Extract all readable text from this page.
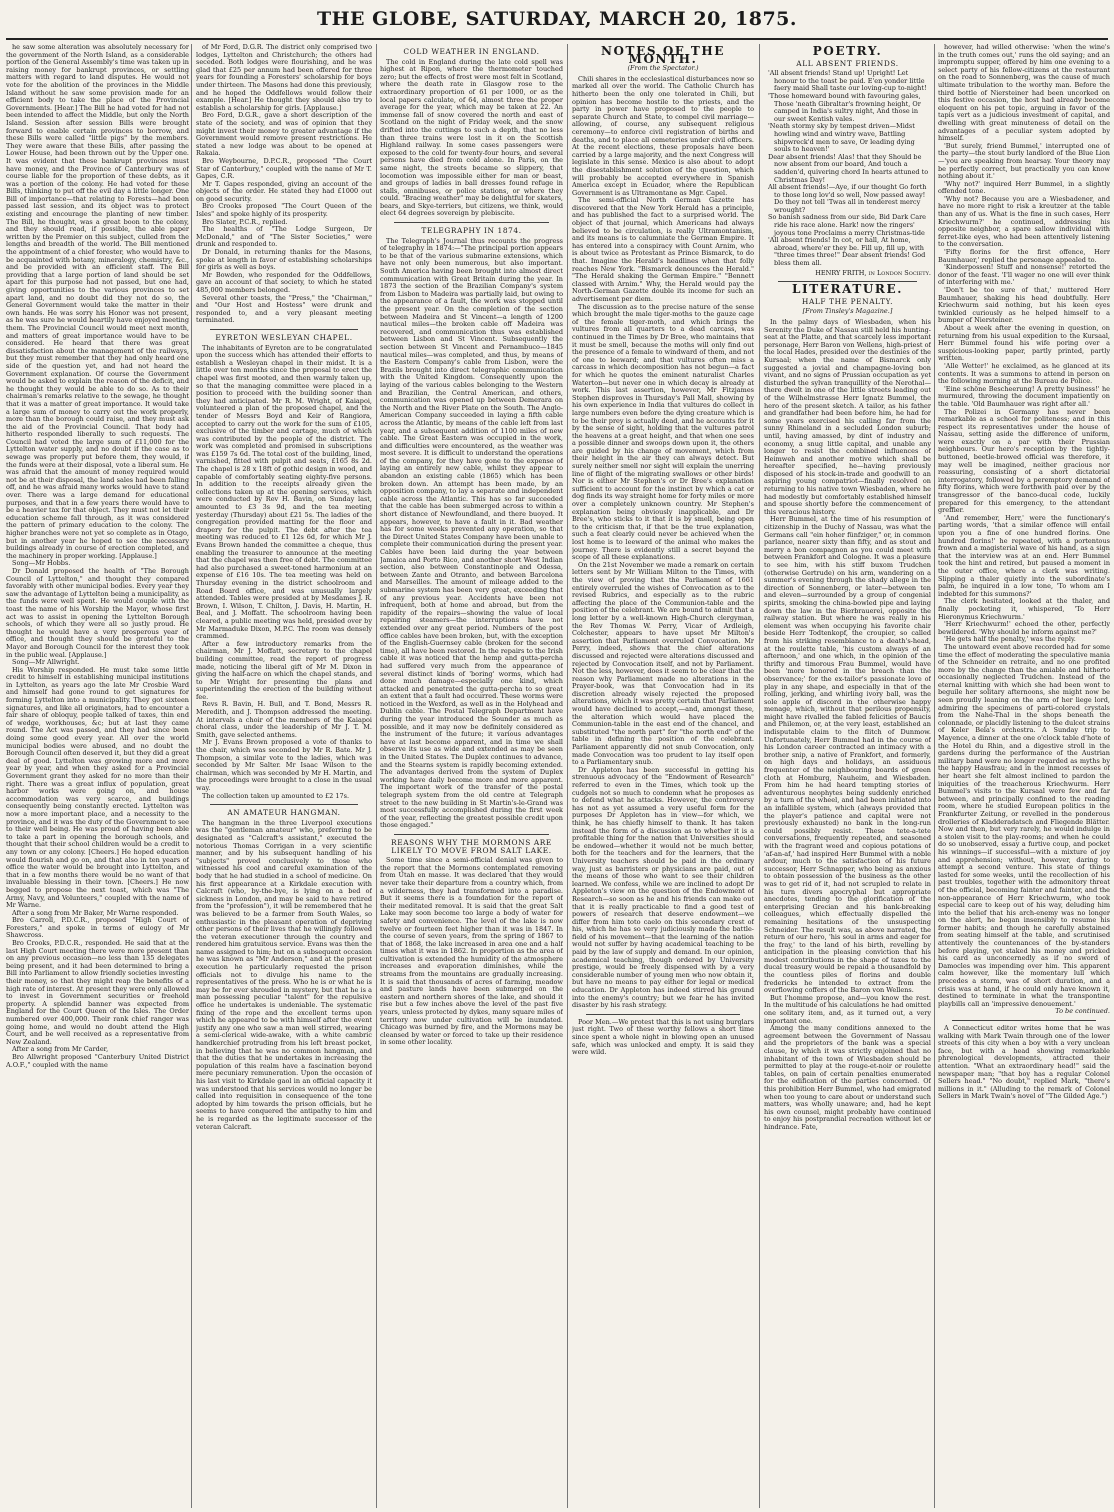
THE GLOBE, SATURDAY, MARCH 20, 1875.

he saw some alteration was absolutely necessary for the government of the North Island, as a considerable portion of the General Assembly's time was taken up in raising money for bankrupt provinces, or settling matters with regard to land disputes. He would not vote for the abolition of the provinces in the Middle Island without he saw some provision made for an efficient body to take the place of the Provincial Governments. [Hear.] The Bill he had voted for had not been intended to affect the Middle, but only the North Island. Session after session Bills were brought forward to enable certain provinces to borrow, and these Bills were called "little pigs" by the members. They were aware that these Bills, after passing the Lower House, had been thrown out by the Upper one. It was evident that these bankrupt provinces must have money, and the Province of Canterbury was of course liable for the proportion of these debts, as it was a portion of the colony. He had voted for these Bills, thinking to put off the evil day a little longer. One Bill of importance—that relating to Forests—had been passed last session, and its object was to protect existing and encourage the planting of new timber. The Bill, he thought, was a great boon to the colony, and they should read, if possible, the able paper written by the Premier on this subject, culled from the lengths and breadth of the world. The Bill mentioned the appointment of a chief forester, who would have to be acquainted with botany, mineralogy, chemistry, &c., and be provided with an efficient staff. The Bill providing that a large portion of land should be set apart for this purpose had not passed, but one had, giving opportunities to the various provinces to set apart land, and no doubt did they not do so, the General Government would take the matter in their own hands. He was sorry his Honor was not present, as he was sure he would heartily have enjoyed meeting them. The Provincial Council would meet next month, and matters of great importance would have to be considered. He heard that there was great dissatisfaction about the management of the railways, but they must remember that they had only heard one side of the question yet, and had not heard the Government explanation. Of course the Government would be asked to explain the reason of the deficit, and he thought they would be able to do so. As to their chairman's remarks relative to the sewage, he thought that it was a matter of great importance. It would take a large sum of money to carry out the work properly, more than the borough could raise, and they must ask the aid of the Provincial Council. That body had hitherto responded liberally to such requests. The Council had voted the large sum of £11,000 for the Lyttelton water supply, and no doubt if the case as to sewage was properly put before them, they would, if the funds were at their disposal, vote a liberal sum. He was afraid that the amount of money required would not be at their disposal, the land sales had been falling off, and he was afraid many works would have to stand over. There was a large demand for educational purposes, and that in a few years there would have to be a heavier tax for that object. They must not let their education scheme fall through, as it was considered the pattern of primary education to the colony. The higher branches were not yet so complete as in Otago, but in another year he hoped to see the necessary buildings already in course of erection completed, and the machinery in proper working. [Applause.]

Song—Mr Hobbs.

Dr Donald proposed the health of "The Borough Council of Lyttelton," and thought they compared favorably with other municipal bodies. Every year they saw the advantage of Lyttelton being a municipality, as the funds were well spent. He would couple with the toast the name of his Worship the Mayor, whose first act was to assist in opening the Lyttelton Borough schools, of which they were all so justly proud. He thought he would have a very prosperous year of office, and thought they should be grateful to the Mayor and Borough Council for the interest they took in the public weal. [Applause.]

Song—Mr Allwright.

His Worship responded. He must take some little credit to himself in establishing municipal institutions in Lyttelton, as years ago the late Mr Crosbie Ward and himself had gone round to get signatures for forming Lyttelton into a municipality. They got sixteen signatures, and like all originators, had to encounter a fair share of obloquy, people talked of taxes, thin end of wedge, workhouses, &c; but at last they came round. The Act was passed, and they had since been doing some good every year. All over the world municipal bodies were abused, and no doubt the Borough Council often deserved it, but they did a great deal of good. Lyttelton was growing more and more year by year, and when they asked for a Provincial Government grant they asked for no more than their right. There was a great influx of population, great harbor works were going on, and house accommodation was very scarce, and buildings consequently being constantly erected. Lyttelton was now a more important place, and a necessity to the province, and it was the duty of the Government to see to their well being. He was proud of having been able to take a part in opening the borough schools, and thought that their school children would be a credit to any town or any colony. [Cheers.] He hoped education would flourish and go on, and that also in ten years of office the water would be brought into Lyttelton, and that in a few months there would be no want of that invaluable blessing in their town. [Cheers.] He now begged to propose the next toast, which was "The Army, Navy, and Volunteers," coupled with the name of Mr Warne.

After a song from Mr Baker, Mr Warne responded.

Bro Carroll, P.D.C.R., proposed "High Court of Foresters," and spoke in terms of eulogy of Mr Shawcross.

Bro Crooks, P.D.C.R., responded. He said that at the last High Court meeting there were more present than on any previous occasion—no less than 135 delegates being present, and it had been determined to bring a Bill into Parliament to allow friendly societies investing their money, so that they might reap the benefits of a high rate of interest. At present they were only allowed to invest in Government securities or freehold property. A splendid banner was expected from England for the Court Queen of the Isles. The Order numbered over 400,000. Their rank chief ranger was going home, and would no doubt attend the High Court, and be well received as a representative from New Zealand.

After a song from Mr Carder,

Bro Allwright proposed "Canterbury United District A.O.F.," coupled with the name

of Mr Ford, D.G.R. The district only comprised two lodges, Lyttelton and Christchurch; the others had seceded. Both lodges were flourishing, and he was glad that £25 per annum had been offered for three years for founding a Foresters' scholarship for boys under thirteen. The Masons had done this previously, and he hoped the Oddfellows would follow their example. [Hear.] He thought they should also try to establish a scholarship for girls. [Applause.]

Bro Ford, D.G.R., gave a short description of the state of the society, and was of opinion that they might invest their money to greater advantage if the Government would remove present restrictions. He stated a new lodge was about to be opened at Rakaia.

Bro Weybourne, D.P.C.R., proposed "The Court Star of Canterbury," coupled with the name of Mr T. Gapes, C.R.

Mr T. Gapes responded, giving an account of the objects of the order. He stated they had £1000 out on good security.

Bro Crooks proposed "The Court Queen of the Isles" and spoke highly of its prosperity.

Bro Slater, P.C.R., replied.

The healths of "The Lodge Surgeon, Dr McDonald," and of "The Sister Societies," were drunk and responded to.

Dr Donald, in returning thanks for the Masons, spoke at length in favor of establishing scholarships for girls as well as boys.

Mr Bowden, who responded for the Oddfellows, gave an account of that society, to which he stated 485,000 members belonged.

Several other toasts, the "Press," the "Chairman," and "Our Host and Hostess" were drunk and responded to, and a very pleasant meeting terminated.

EYRETON WESLEYAN CHAPEL.

The inhabitants of Eyreton are to be congratulated upon the success which has attended their efforts to establish a Wesleyan chapel in their midst. It is a little over ten months since the proposal to erect the chapel was first mooted, and then warmly taken up, so that the managing committee were placed in a position to proceed with the building sooner than they had anticipated. Mr R. M. Wright, of Kaiapoi, volunteered a plan of the proposed chapel, and the tender of Messrs Boyd and Keir of Rangiora, accepted to carry out the work for the sum of £105, exclusive of the timber and cartage, much of which was contributed by the people of the district. The work was completed and promised in subscriptions was £159 7s 6d. The total cost of the building, lined, varnished, fitted with pulpit and seats, £165 8s 2d. The chapel is 28 x 18ft of gothic design in wood, and capable of comfortably seating eighty-five persons. In addition to the receipts already given the collections taken up at the opening services, which were conducted by Rev H. Bavin, on Sunday last, amounted to £3 3s 9d, and the tea meeting yesterday (Thursday) about £21 5s. The ladies of the congregation provided matting for the floor and drapery for the pulpit. The debt after the tea meeting was reduced to £1 12s 6d, for which Mr J. Evans Brown handed the committee a cheque, thus enabling the treasurer to announce at the meeting that the chapel was then free of debt. The committee had also purchased a sweet-toned harmonium at an expense of £16 10s. The tea meeting was held on Thursday evening in the district schoolroom and Road Board office, and was unusually largely attended. Tables were presided at by Mesdames J. R. Brown, I. Wilson, T. Chilton, J. Davis, H. Martin, H. Beal, and J. Moffatt. The schoolroom having been cleared, a public meeting was held, presided over by Mr Marmaduke Dixon, M.P.C. The room was densely crammed.

After a few introductory remarks from the chairman, Mr J. Moffatt, secretary to the chapel building committee, read the report of progress made, noticing the liberal gift of Mr M. Dixon in giving the half-acre on which the chapel stands, and to Mr Wright for presenting the plans and superintending the erection of the building without fee.

Revs R. Bavin, H. Bull, and T. Bond, Messrs R. Meredith, and J. Thompson addressed the meeting. At intervals a choir of the members of the Kaiapoi choral class, under the leadership of Mr J. T. M. Smith, gave selected anthems.

Mr J. Evans Brown proposed a vote of thanks to the chair, which was seconded by Mr R. Bate. Mr J. Thompson, a similar vote to the ladies, which was seconded by Mr Salter. Mr Isaac Wilson to the chairman, which was seconded by Mr H. Martin, and the proceedings were brought to a close in the usual way.

The collection taken up amounted to £2 17s.

AN AMATEUR HANGMAN.

The hangman in the three Liverpool executions was the "gentleman amateur" who, preferring to be designated as "Calcraft's assistant," executed the notorious Thomas Corrigan in a very scientific manner, and by his subsequent handling of his "subjects" proved conclusively to those who witnessed his cool and careful examination of the body that he had studied in a school of medicine. On his first appearance at a Kirkdale execution with Calcraft (who, by-the-bye, is lying on a bed of sickness in London, and may be said to have retired from the "profession"), it will be remembered that he was believed to be a farmer from South Wales, so enthusiastic in the pleasant operation of depriving other persons of their lives that he willingly followed the veteran executioner through the country and rendered him gratuitous service. Evans was then the name assigned to him; but on a subsequent occasion he was known as "Mr Anderson," and at the present execution he particularly requested the prison officials not to divulge his name to the representatives of the press. Who he is or what he is may be for ever shrouded in mystery, but that he is a man possessing peculiar "talent" for the repulsive office he undertakes is undeniable. The systematic fixing of the rope and the excellent terms upon which he appeared to be with himself after the event justify any one who saw a man well stirred, wearing a semi-clerical wide-awake, with a white cambric handkerchief protruding from his left breast pocket, in believing that he was no common hangman, and that the duties that he undertakes in increasing the population of this realm have a fascination beyond mere pecuniary remuneration. Upon the occasion of his last visit to Kirkdale gaol in an official capacity it was understood that his services would no longer be called into requisition in consequence of the tone adopted by him towards the prison officials, but he seems to have conquered the antipathy to him and he is regarded as the legitimate successor of the veteran Calcraft.

COLD WEATHER IN ENGLAND.

The cold in England during the late cold spell was highest at Ripon, where the thermometer touched zero; but the effects of frost were most felt in Scotland, where the death rate in Glasgow rose to the extraordinary proportion of 61 per 1000, or as the local papers calculate, of 64, almost three the proper average for the year, which may be taken at 22. An immense fall of snow covered the north and east of Scotland on the night of Friday week, and the snow drifted into the cuttings to such a depth, that no less than three trains were lost in it on the Scottish Highland railway. In some cases passengers were exposed to the cold for twenty-four hours, and several persons have died from cold alone. In Paris, on the same night, the streets became so slippery, that locomotion was impossible either for man or beast, and groups of ladies in ball dresses found refuge in stalls, omnibuses, or police stations, or where they could. "Bracing weather" may be delightful for skaters, bears, and Skye-terriers, but citizens, we think, would elect 64 degrees sovereign by plebiscite.

TELEGRAPHY IN 1874.

The Telegraph's Journal thus recounts the progress of telegraphy in 1874:—"The principal portion appears to be that of the various submarine extensions, which have not only been numerous, but also important. South America having been brought into almost direct communication with Great Britain during the year. In 1873 the section of the Brazilian Company's system from Lisbon to Madeira was partially laid, but owing to the appearance of a fault, the work was stopped until the present year. On the completion of the section between Madeira and St Vincent—a length of 1200 nautical miles—the broken cable off Madeira was recovered, and communication thus was established between Lisbon and St Vincent. Subsequently the section between St Vincent and Pernambuco—1845 nautical miles—was completed, and thus, by means of the Eastern Company's cable from Lisbon, were the Brazils brought into direct telegraphic communication with the United Kingdom. Consequently upon the laying of the various cables belonging to the Western and Brazilian, the Central American, and others, communication was opened up between Demerara on the North and the River Plate on the South. The Anglo-American Company succeeded in laying a fifth cable across the Atlantic, by means of the cable left from last year, and a subsequent addition of 1100 miles of new cable. The Great Eastern was occupied in the work, and difficulties were encountered, as the weather was most severe. It is difficult to understand the operations of the company, for they have gone to the expense of laying an entirely new cable, whilst they appear to abandon an existing cable (1865) which has been broken down. An attempt has been made, by an opposition company, to lay a separate and independent cable across the Atlantic. This has so far succeeded that the cable has been submerged across to within a short distance of Newfoundland, and there buoyed. It appears, however, to have a fault in it. Bad weather has for some weeks prevented any operation, so that the Direct United States Company have been unable to complete their communication during the present year. Cables have been laid during the year between Jamaica and Porto Rico, and another short West Indian section, also between Constantinople and Odessa, between Zante and Otranto, and between Barcelona and Marseilles. The amount of mileage added to the submarine system has been very great, exceeding that of any previous year. Accidents have been not infrequent, both at home and abroad, but from the rapidity of the repairs—showing the value of local repairing steamers—the interruptions have not extended over any great period. Numbers of the post office cables have been broken, but, with the exception of the English-Guernsey cable (broken for the second time), all have been restored. In the repairs to the Irish cable it was noticed that the hemp and gutta-percha had suffered very much from the appearance of several distinct kinds of 'boring' worms, which had done much damage—especially one kind, which attacked and penetrated the gutta-percha to so great an extent that a fault had occurred. These worms were noticed in the Wexford, as well as in the Holyhead and Dublin cable. The Postal Telegraph Department have during the year introduced the Sounder as much as possible, and it may now be definitely considered as the instrument of the future; it various advantages have at last become apparent, and in time we shall observe its use as wide and extended as may be seen in the United States. The Duplex continues to advance, and the Stearns system is rapidly becoming extended. The advantages derived from the system of Duplex working have daily become more and more apparent. The important work of the transfer of the postal telegraph system from the old centre at Telegraph street to the new building in St Martin's-le-Grand was most successfully accomplished during the first week of the year, reflecting the greatest possible credit upon those engaged."

REASONS WHY THE MORMONS ARE LIKELY TO MOVE FROM SALT LAKE.

Some time since a semi-official denial was given to the report that the Mormons contemplated removing from Utah en masse. It was declared that they would never take their departure from a country which, from a wilderness, they had transformed into a paradise. But it seems there is a foundation for the report of their meditated removal. It is said that the great Salt Lake may soon become too large a body of water for safety and convenience. The level of the lake is now twelve or fourteen feet higher than it was in 1847. In the course of seven years, from the spring of 1867 to that of 1868, the lake increased in area one and a half times what it was in 1862. In proportion as the area of cultivation is extended the humidity of the atmosphere increases and evaporation diminishes, while the streams from the mountains are gradually increasing. It is said that thousands of acres of farming, meadow and pasture lands have been submerged on the eastern and northern shores of the lake, and should it rise but a few inches above the level of the past five years, unless protected by dykes, many square miles of territory now under cultivation will be inundated. Chicago was burned by fire, and the Mormons may be cleansed by water or forced to take up their residence in some other locality.

NOTES OF THE MONTH.
(From the Spectator.)

Chili shares in the ecclesiastical disturbances now so marked all over the world. The Catholic Church has hitherto been the only one tolerated in Chili, but opinion has become hostile to the priests, and the party in power have proposed to the people to separate Church and State, to compel civil marriage—allowing, of course, any subsequent religious ceremony—to enforce civil registration of births and deaths, and to place all cemeteries under civil officers. At the recent elections, these proposals have been carried by a large majority, and the next Congress will legislate in this sense. Mexico is also about to adopt the disestablishment solution of the question, which will probably be accepted everywhere in Spanish America except in Ecuador, where the Republican Government is as Ultramontane as Mgr. Capel.

The semi-official North German Gazette has discovered that the New York Herald has a principle, and has published the fact to a surprised world. The object of that journal, which Americans had always believed to be circulation, is really Ultramontanism, and its means is to calumniate the German Empire. It has entered into a conspiracy with Count Arnim, who is about twice as Protestant as Prince Bismarck, to do that. Imagine the Herald's headlines when that folly reaches New York. "Bismarck denounces the Herald." "The Herald shaking the German Empire." "Bennett classed with Arnim." Why, the Herald would pay the North-German Gazette double its income for such an advertisement per diem.

The discussion as to the precise nature of the sense which brought the male tiger-moths to the gauze cage of the female tiger-moth, and which brings the vultures from all quarters to a dead carcass, was continued in the Times by Dr Bree, who maintains that it must be smell, because the moths will only find out the presence of a female to windward of them, and not of one to leeward; and that vultures often miss a carcass in which decomposition has not begun—a fact for which he quotes the eminent naturalist Charles Waterton—but never one in which decay is already at work. This last assertion, however, Mr Fitzjames Stephen disproves in Thursday's Pall Mall, showing by his own experience in India that vultures do collect in large numbers even before the dying creature which is to be their prey is actually dead, and he accounts for it by the sense of sight, holding that the vultures patrol the heavens at a great height, and that when one sees a possible dinner and swoops down upon it, the others are guided by his change of movement, which from their height in the air they can always detect. But surely neither smell nor sight will explain the unerring line of flight of the migrating swallows or other birds! Nor is either Mr Stephen's or Dr Bree's explanation sufficient to account for the instinct by which a cat or dog finds its way straight home for forty miles or more over a completely unknown country. Mr Stephen's explanation being obviously inapplicable, and Dr Bree's, who sticks to it that it is by smell, being open to the criticism that, if that be the true explanation, such a feat clearly could never be achieved when the lost home is to leeward of the animal who makes the journey. There is evidently still a secret beyond the scope of all these explanations.

On the 21st November we made a remark on certain letters sent by Mr William Milton to the Times, with the view of proving that the Parliament of 1661 entirely overruled the wishes of Convocation as to the revised Rubrics, and especially as to the rubric affecting the place of the Communion-table and the position of the celebrant. We are bound to admit that a long letter by a well-known High-Church clergyman, the Rev Thomas W. Perry, Vicar of Ardleigh, Colchester, appears to have upset Mr Milton's assertion that Parliament overruled Convocation. Mr Perry, indeed, shows that the chief alterations discussed and rejected were alterations discussed and rejected by Convocation itself, and not by Parliament. Not the less, however, does it seem to be clear that the reason why Parliament made no alterations in the Prayer-book, was that Convocation had in its discretion already wisely rejected the proposed alterations, which it was pretty certain that Parliament would have declined to accept,—and, amongst these, the alteration which would have placed the Communion-table in the east end of the chancel, and substituted "the north part" for "the north end" of the table in defining the position of the celebrant. Parliament apparently did not snub Convocation, only made Convocation was too prudent to lay itself open to a Parliamentary snub.

Dr Appleton has been successful in getting his strenuous advocacy of the "Endowment of Research" referred to even in the Times, which took up the cudgels not so much to condemn what he proposes as to defend what he attacks. However, the controversy has not as yet assumed a very useful form for the purposes Dr Appleton has in view—for which, we think, he has chiefly himself to thank. It has taken instead the form of a discussion as to whether it is a profitable thing for the nation that Universities should be endowed—whether it would not be much better, both for the teachers and for the learners, that the University teachers should be paid in the ordinary way, just as barristers or physicians are paid, out of the means of those who want to see their children learned. We confess, while we are inclined to adopt Dr Appleton's view on the question of the Endowment of Research—so soon as he and his friends can make out that it is really practicable to find a good test of powers of research that deserve endowment—we differ from him toto caelo on this secondary crest of his, which he has so very judiciously made the battle-field of his movement—that the learning of the nation would not suffer by having academical teaching to be paid by the law of supply and demand. In our opinion, academical teaching, though ordered by University prestige, would be freely dispensed with by a very considerable number of young men who now obtain it, but have no means to pay either for legal or medical education. Dr Appleton has indeed stirred his ground into the enemy's country; but we fear he has invited disaster by his rash strategy.

Poor Men.—We protest that this is not using burglars just right. Two of these worthy fellows a short time since spent a whole night in blowing open an unused safe, which was unlocked and empty. It is said they were wild.

POETRY.
ALL ABSENT FRIENDS.

'All absent friends! Stand up! Upright! Let honour to the toast be paid. E'en yonder little faery maid Shall taste our loving-cup to-night!

'Those homeward bound with favouring gales, Those 'neath Gibraltar's frowning height, Or camped in India's sultry night, And those in our sweet Kentish vales.

'Neath stormy sky by tempest driven—Midst howling wind and wintry wave, Battling shipwreck'd men to save, Or leading dying souls to heaven!'

Dear absent friends! Alas! that they Should be now absent from our board, And touch a sadden'd, quivering chord In hearts attuned to Christmas Day!

All absent friends!—Aye, if our thought Go forth to those long lov'd so well, Now passed away! Do they not tell 'Twas all in tenderest mercy wrought?

So banish sadness from our side, Bid Dark Care ride his race alone. Hark! now the ringers' joyous tone Proclaims a merry Christmas-tide

'All absent friends! In cot, or hall, At home, abroad, where'er they be. Fill up, fill up, with "three times three!" Dear absent friends! God bless them all.

HENRY FRITH, in London Society.
LITERATURE.
HALF THE PENALTY.
[From Tinsley's Magazine.]

In the palmy days of Wiesbaden, when his Serenity the Duke of Nassau still held his hunting-seat at the Platte, and that scarcely less important personage, Herr Baron von Wellens, high-priest of the local Hades, presided over the destinies of the Kursaal; when the name of Bismarck only suggested a jovial and champagne-loving bon vivant, and no signs of Prussian occupation as yet disturbed the sylvan tranquillity of the Nerothal—there dwelt in one of the little streets leading out of the Wilhelmstrasse Herr Ignatz Bummel, the hero of the present sketch. A tailor, as his father and grandfather had been before him, he had for some years exercised his calling far from the sunny Rhineland in a secluded London suburb; until, having amassed, by dint of industry and economy, a snug little capital, and unable any longer to resist the combined influences of Heimweh and another motive which shall be hereafter specified, he—having previously disposed of his stock-in-trade and goodwill to an aspiring young compatriot—finally resolved on returning to his native town Wiesbaden, where he had modestly but comfortably established himself and spouse shortly before the commencement of this veracious history.

Herr Bummel, at the time of his resumption of citizenship in the Duchy of Nassau, was what the Germans call "ein hoher fünfziger," or, in common parlance, nearer sixty than fifty, and as stout and merry a bon compagnon as you could meet with between Frankfort and Cologne. It was a pleasure to see him, with his stiff buxom Trudchen (otherwise Gertrude) on his arm, wandering on a summer's evening through the shady allege in the direction of Sonnenberg, or later—between ten and eleven—surrounded by a group of congenial spirits, smoking the china-bowled pipe and laying down the law in the Bierbrauerei, opposite the railway station. But where he was really in his element was when occupying his favorite chair beside Herr Todtenkopf, the croupier, so called from his striking resemblance to a death's-head, at the roulette table, 'his custom always of an afternoon,' and one which, in the opinion of the thrifty and timorous Frau Bummel, would have been 'more honored in the breach than the observance;' for the ex-tailor's passionate love of play in any shape, and especially in that of the rolling, jerking, and whirling ivory ball, was the sole apple of discord in the otherwise happy menage, which, without that perilous propensity, might have rivalled the fabled felicities of Baucis and Philemon, or, at the very least, established an indisputable claim to the flitch of Dunmow. Unfortunately, Herr Bummel had in the course of his London career contracted an intimacy with a brother snip, a native of Frankfort, and formerly, on high days and holidays, an assiduous frequenter of the neighbouring boards of green cloth at Homburg, Nauheim, and Wiesbaden. From him he had heard tempting stories of adventurous neophytes being suddenly enriched by a turn of the wheel, and had been initiated into an infallible system, which (always provided that the player's patience and capital were not previously exhausted) no bank in the long-run could possibly resist. These tete-a-tete conversations, frequently repeated, and seasoned with the fragrant weed and copious potations of 'af-an-af,' had inspired Herr Bummel with a noble ardour, much to the satisfaction of his future successor, Herr Schnapper, who being as anxious to obtain possession of the business as the other was to get rid of it, had not scrupled to relate in his turn divers apocryphal but appropriate anecdotes, tending to the glorification of the enterprising Grecian and his bank-breaking colleagues, which effectually dispelled the remaining hesitations of the unsuspecting Schneider. The result was, as above narrated, the return of our hero, 'his soul in arms and eager for the fray,' to the land of his birth, revelling by anticipation in the pleasing conviction that his modest contributions in the shape of taxes to the ducal treasury would be repaid a thousandfold by the countless piles of florins and double fredericks he intended to extract from the overflowing coffers of the Baron von Wellens.

But l'homme propose, and—you know the rest. In the multitude of his calculations he had omitted one solitary item, and, as it turned out, a very important one.

Among the many conditions annexed to the agreement between the Government of Nassau and the proprietors of the bank was a special clause, by which it was strictly enjoined that no inhabitant of the town of Wiesbaden should be permitted to play at the rouge-et-noir or roulette tables, on pain of certain penalties enumerated for the edification of the parties concerned. Of this prohibition Herr Bummel, who had emigrated when too young to care about or understand such matters, was wholly unaware; and, had he kept his own counsel, might probably have continued to enjoy his postprandial recreation without let or hindrance. Fate,

however, had willed otherwise: 'when the wine's in the truth comes out,' runs the old saying; and an impromptu supper, offered by him one evening to a select party of his fellow-citizens at the restaurant on the road to Sonnenberg, was the cause of much ultimate tribulation to the worthy man. Before the third bottle of Niersteiner had been uncorked on this festive occasion, the host had already become eloquent on his pet topic, arguing in favor of the tapis vert as a judicious investment of capital, and dwelling with great minuteness of detail on the advantages of a peculiar system adopted by himself.

'But surely, friend Bummel,' interrupted one of the party—the stout burly landlord of the Blue Lion—'you are speaking from hearsay. Your theory may be perfectly correct, but practically you can know nothing about it.'

'Why not?' inquired Herr Bummel, in a slightly offended tone.

'Why not? Because you are a Wiesbadener, and have no more right to risk a kreutzer at the table than any of us. What is the fine in such cases, Herr Kriechwurm?' he continued, addressing his opposite neighbor, a spare sallow individual with ferret-like eyes, who had been attentively listening to the conversation.

'Fifty florins for the first offence, Herr Baumhauer,' replied the personage appealed to.

'Kinderpossen! Stuff and nonsense!' retorted the donor of the feast. 'I'll wager no one will ever think of interfering with me.'

'Don't be too sure of that,' muttered Herr Baumhauer, shaking his head doubtfully. Herr Kriechwurm said nothing, but his keen eyes twinkled curiously as he helped himself to a bumper of Niersteiner.

About a week after the evening in question, on returning from his usual expedition to the Kursaal, Herr Bummel found his wife poring over a suspicious-looking paper, partly printed, partly written.

'Alle Wetter!' he exclaimed, as he glanced at its contents. It was a summons to attend in person on the following morning at the Bureau de Police.

'Eine schöne Bescheerung! A pretty business!' he murmured, throwing the document impatiently on the table. 'Old Baumhauer was right after all.'

The Polizei in Germany has never been remarkable as a school for politeness; and in this respect its representatives under the house of Nassau, setting aside the difference of uniform, were exactly on a par with their Prussian neighbours. Our hero's reception by the tightly-buttoned, beetle-browed official was therefore, it may well be imagined, neither gracious nor reassuring, consisting of a short dictatorial interrogatory, followed by a peremptory demand of fifty florins, which were forthwith paid over by the transgressor of the banco-ducal code, luckily prepared for this emergency, to the attendant greffier.

'And remember, Herr,' were the functionary's parting words, 'that a similar offence will entail upon you a fine of one hundred florins. One hundred florins!' he repeated, with a portentous frown and a magisterial wave of his hand, as a sign that the interview was at an end. Herr Bummel took the hint and retired, but paused a moment in the outer office, where a clerk was writing. Slipping a thaler quietly into the subordinate's palm, he inquired in a low tone, 'To whom am I indebted for this summons?'

The clerk hesitated, looked at the thaler, and finally pocketing it, whispered, 'To Herr Hieronymus Kriechwurm.'

'Herr Kriechwurm!' echoed the other, perfectly bewildered. 'Why should he inform against me?'

'He gets half the penalty,' was the reply.

The untoward event above recorded had for some time the effect of moderating the speculative mania of the Schneider en retraite, and no one profited more by the change than the amiable and hitherto occasionally neglected Trudchen. Instead of the eternal knitting with which she had been wont to beguile her solitary afternoons, she might now be seen proudly leaning on the arm of her liege lord, admiring the specimens of parti-colored crystals from the Nahe-Thal in the shops beneath the colonnade, or placidly listening to the dulcet strains of Keler Bela's orchestra. A Sunday trip to Mayence, a dinner at the one o'clock table d'hote of the Hotel du Rhin, and a digestive stroll in the gardens during the performance of the Austrian military band were no longer regarded as myths by the happy Hausfrau; and in the inmost recesses of her heart she felt almost inclined to pardon the iniquities of the treacherous Kriechwurm. Herr Bummel's visits to the Kursaal were few and far between, and principally confined to the reading room, where he studied European politics in the Frankfurter Zeitung, or revelled in the ponderous drolleries of Kladderadatsch and Fliegende Blätter. Now and then, but very rarely, he would indulge in a stolen visit to the play-rooms; and when he could do so unobserved, essay a furtive coup, and pocket his winnings—if successful—with a mixture of joy and apprehension; without, however, daring to attempt a second venture. This state of things lasted for some weeks, until the recollection of his past troubles, together with the admonitory threat of the official, becoming fainter and fainter, and the non-appearance of Herr Kriechwurm, who took especial care to keep out of his way, deluding him into the belief that his arch-enemy was no longer on the alert, he began insensibly to resume his former habits; and though he carefully abstained from seating himself at the table, and scrutinised attentively the countenances of the by-standers before playing, yet staked his money and pricked his card as unconcernedly as if no sword of Damocles was impending over him. This apparent calm however, like the momentary lull which precedes a storm, was of short duration, and a crisis was at hand, if he could only have known it, destined to terminate in what the transpontine playbills call an 'impressive denouement.'

To be continued.

A Connecticut editor writes home that he was walking with Mark Twain through one of the lower streets of this city when a boy with a very unclean face, but with a head showing remarkable phrenological developments, attracted their attention. "What an extraordinary head!" said the newspaper man; "that boy has a regular Colonel Sellers head." "No doubt," replied Mark, "there's millions in it." (Alluding to the remark of Colonel Sellers in Mark Twain's novel of "The Gilded Age.")
